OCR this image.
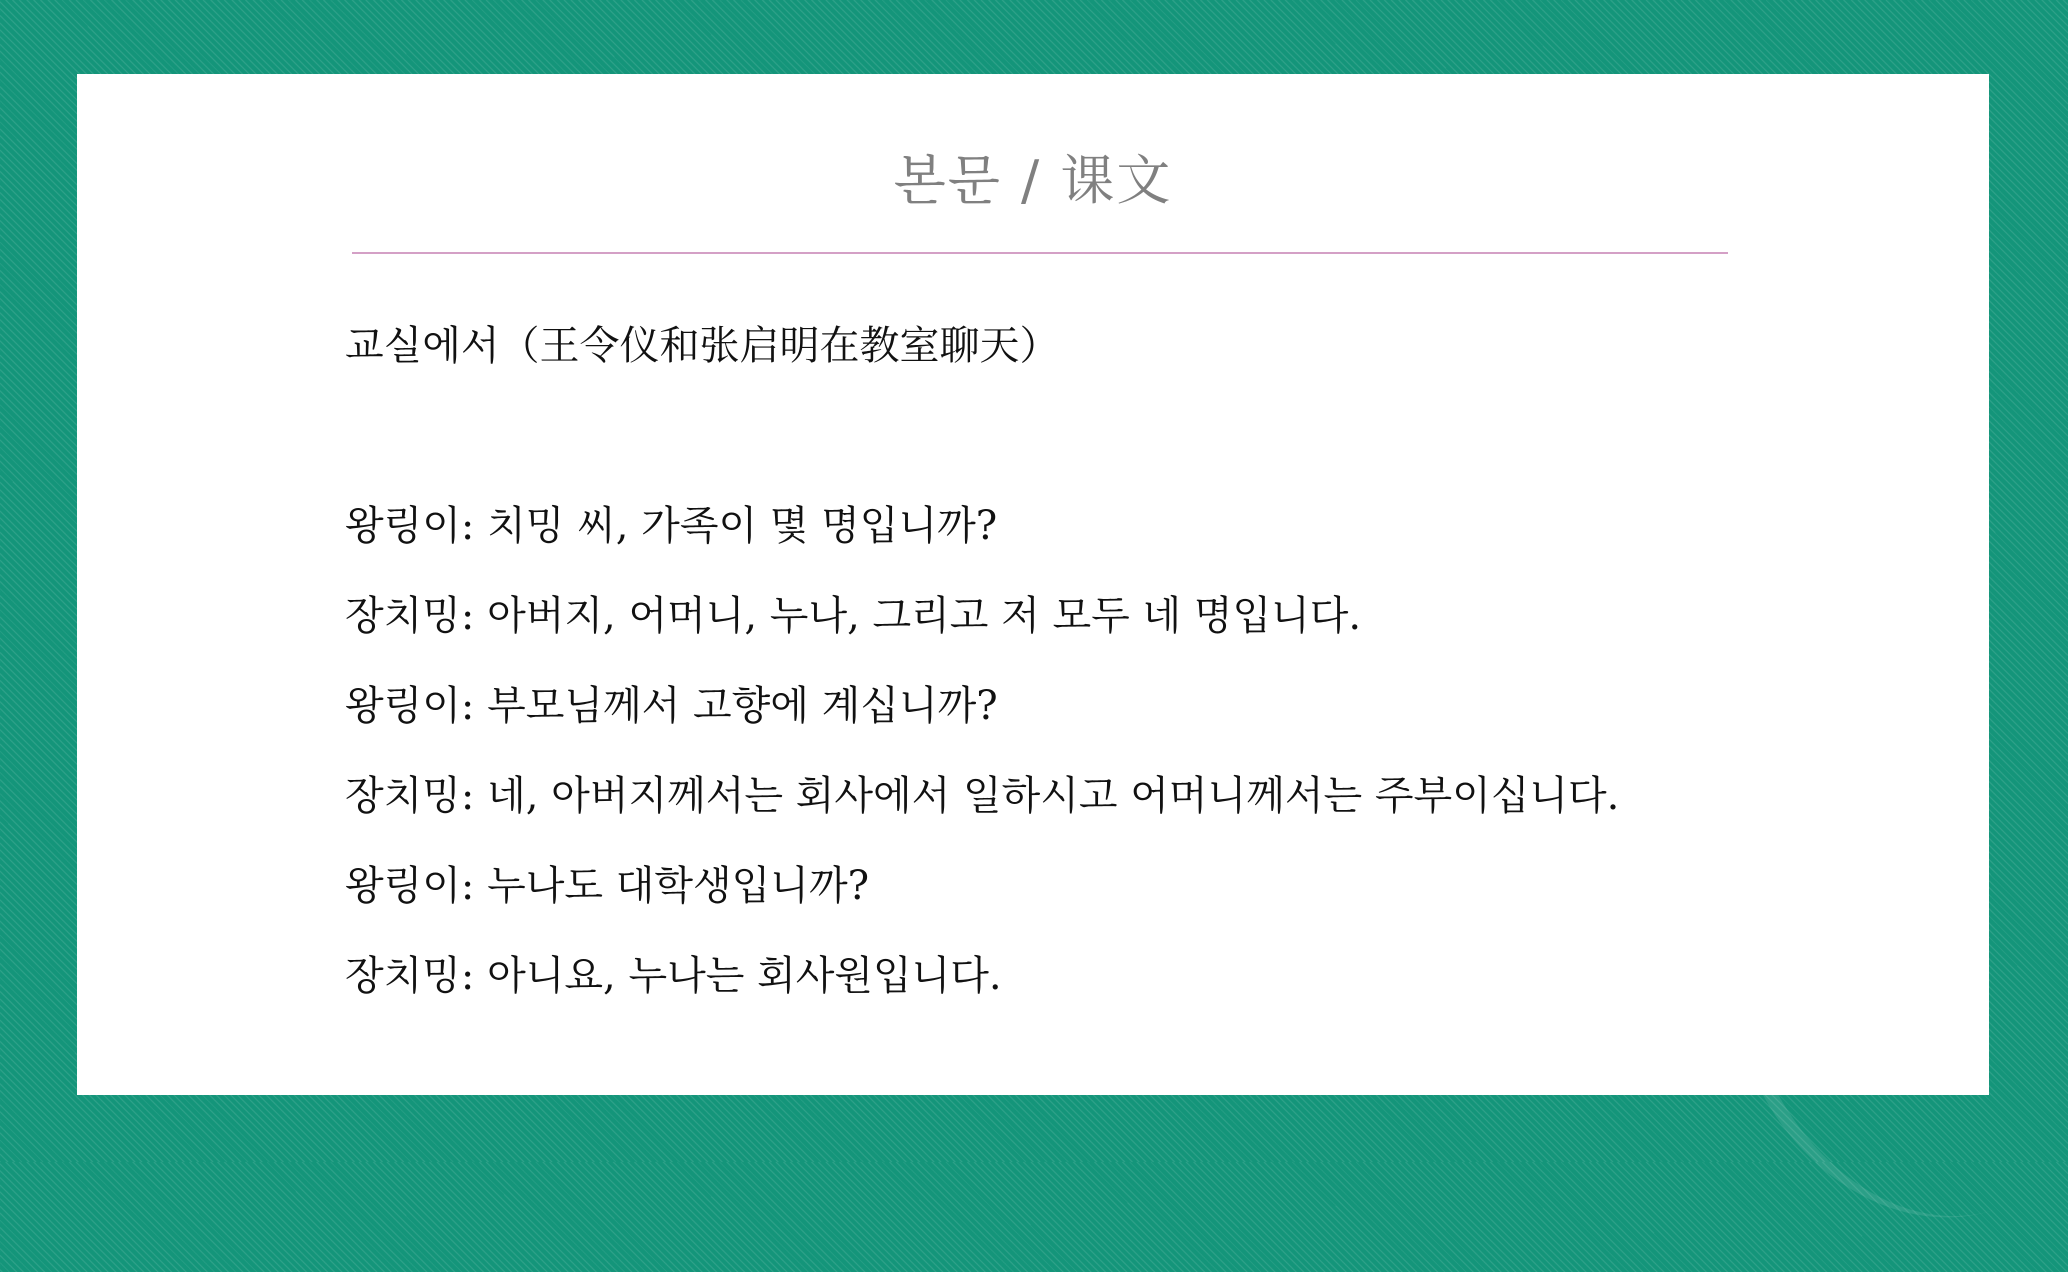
본문 / 课文
교실에서（王令仪和张启明在教室聊天）
왕링이: 치밍 씨, 가족이 몇 명입니까?
장치밍: 아버지, 어머니, 누나, 그리고 저 모두 네 명입니다.
왕링이: 부모님께서 고향에 계십니까?
장치밍: 네, 아버지께서는 회사에서 일하시고 어머니께서는 주부이십니다.
왕링이: 누나도 대학생입니까?
장치밍: 아니요, 누나는 회사원입니다.
